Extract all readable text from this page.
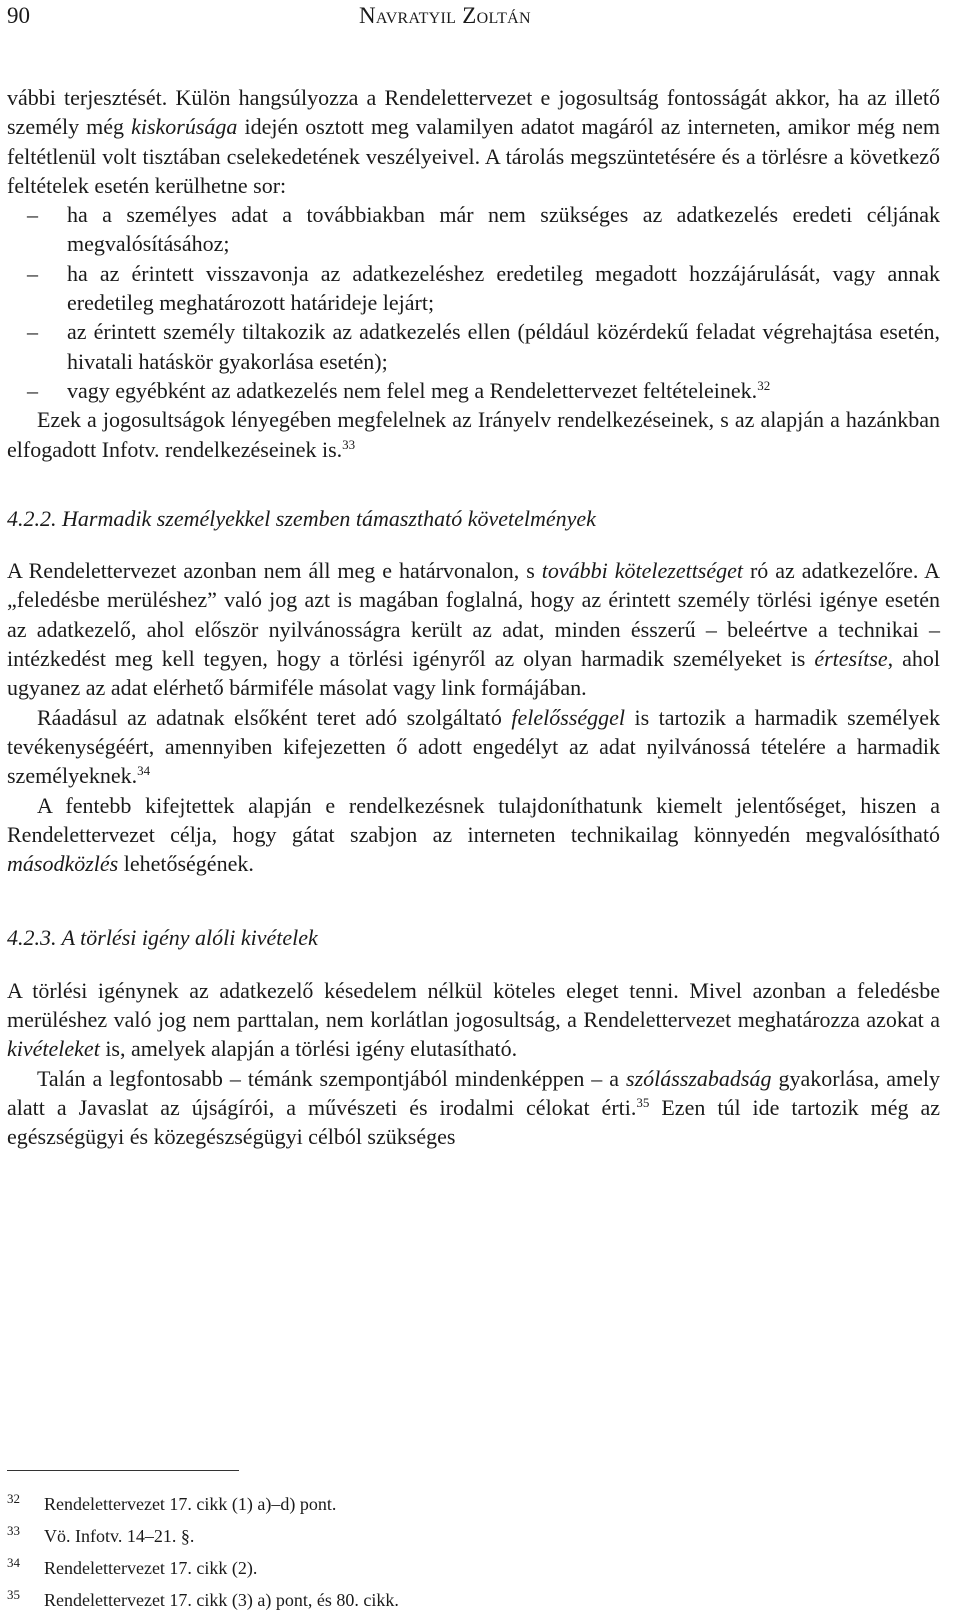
90	Navratyil Zoltán

vábbi terjesztését. Külön hangsúlyozza a Rendelettervezet e jogosultság fontosságát akkor, ha az illető személy még kiskorúsága idején osztott meg valamilyen adatot magáról az interneten, amikor még nem feltétlenül volt tisztában cselekedetének veszélyeivel. A tárolás megszüntetésére és a törlésre a következő feltételek esetén kerülhetne sor:

– ha a személyes adat a továbbiakban már nem szükséges az adatkezelés eredeti céljának megvalósításához;
– ha az érintett visszavonja az adatkezeléshez eredetileg megadott hozzájárulását, vagy annak eredetileg meghatározott határideje lejárt;
– az érintett személy tiltakozik az adatkezelés ellen (például közérdekű feladat végrehajtása esetén, hivatali hatáskör gyakorlása esetén);
– vagy egyébként az adatkezelés nem felel meg a Rendelettervezet feltételeinek.$^{32}$

Ezek a jogosultságok lényegében megfelelnek az Irányelv rendelkezéseinek, s az alapján a hazánkban elfogadott Infotv. rendelkezéseinek is.$^{33}$

4.2.2. Harmadik személyekkel szemben támasztható követelmények

A Rendelettervezet azonban nem áll meg e határvonalon, s további kötelezettséget ró az adatkezelőre. A „feledésbe merüléshez” való jog azt is magában foglalná, hogy az érintett személy törlési igénye esetén az adatkezelő, ahol először nyilvánosságra került az adat, minden ésszerű – beleértve a technikai – intézkedést meg kell tegyen, hogy a törlési igényről az olyan harmadik személyeket is értesítse, ahol ugyanez az adat elérhető bármiféle másolat vagy link formájában.

Ráadásul az adatnak elsőként teret adó szolgáltató felelősséggel is tartozik a harmadik személyek tevékenységéért, amennyiben kifejezetten ő adott engedélyt az adat nyilvánossá tételére a harmadik személyeknek.$^{34}$

A fentebb kifejtettek alapján e rendelkezésnek tulajdoníthatunk kiemelt jelentőséget, hiszen a Rendelettervezet célja, hogy gátat szabjon az interneten technikailag könnyedén megvalósítható másodközlés lehetőségének.

4.2.3. A törlési igény alóli kivételek

A törlési igénynek az adatkezelő késedelem nélkül köteles eleget tenni. Mivel azonban a feledésbe merüléshez való jog nem parttalan, nem korlátlan jogosultság, a Rendelettervezet meghatározza azokat a kivételeket is, amelyek alapján a törlési igény elutasítható.

Talán a legfontosabb – témánk szempontjából mindenképpen – a szólásszabadság gyakorlása, amely alatt a Javaslat az újságírói, a művészeti és irodalmi célokat érti.$^{35}$ Ezen túl ide tartozik még az egészségügyi és közegészségügyi célból szükséges

32 Rendelettervezet 17. cikk (1) a)–d) pont.
33 Vö. Infotv. 14–21. §.
34 Rendelettervezet 17. cikk (2).
35 Rendelettervezet 17. cikk (3) a) pont, és 80. cikk.
